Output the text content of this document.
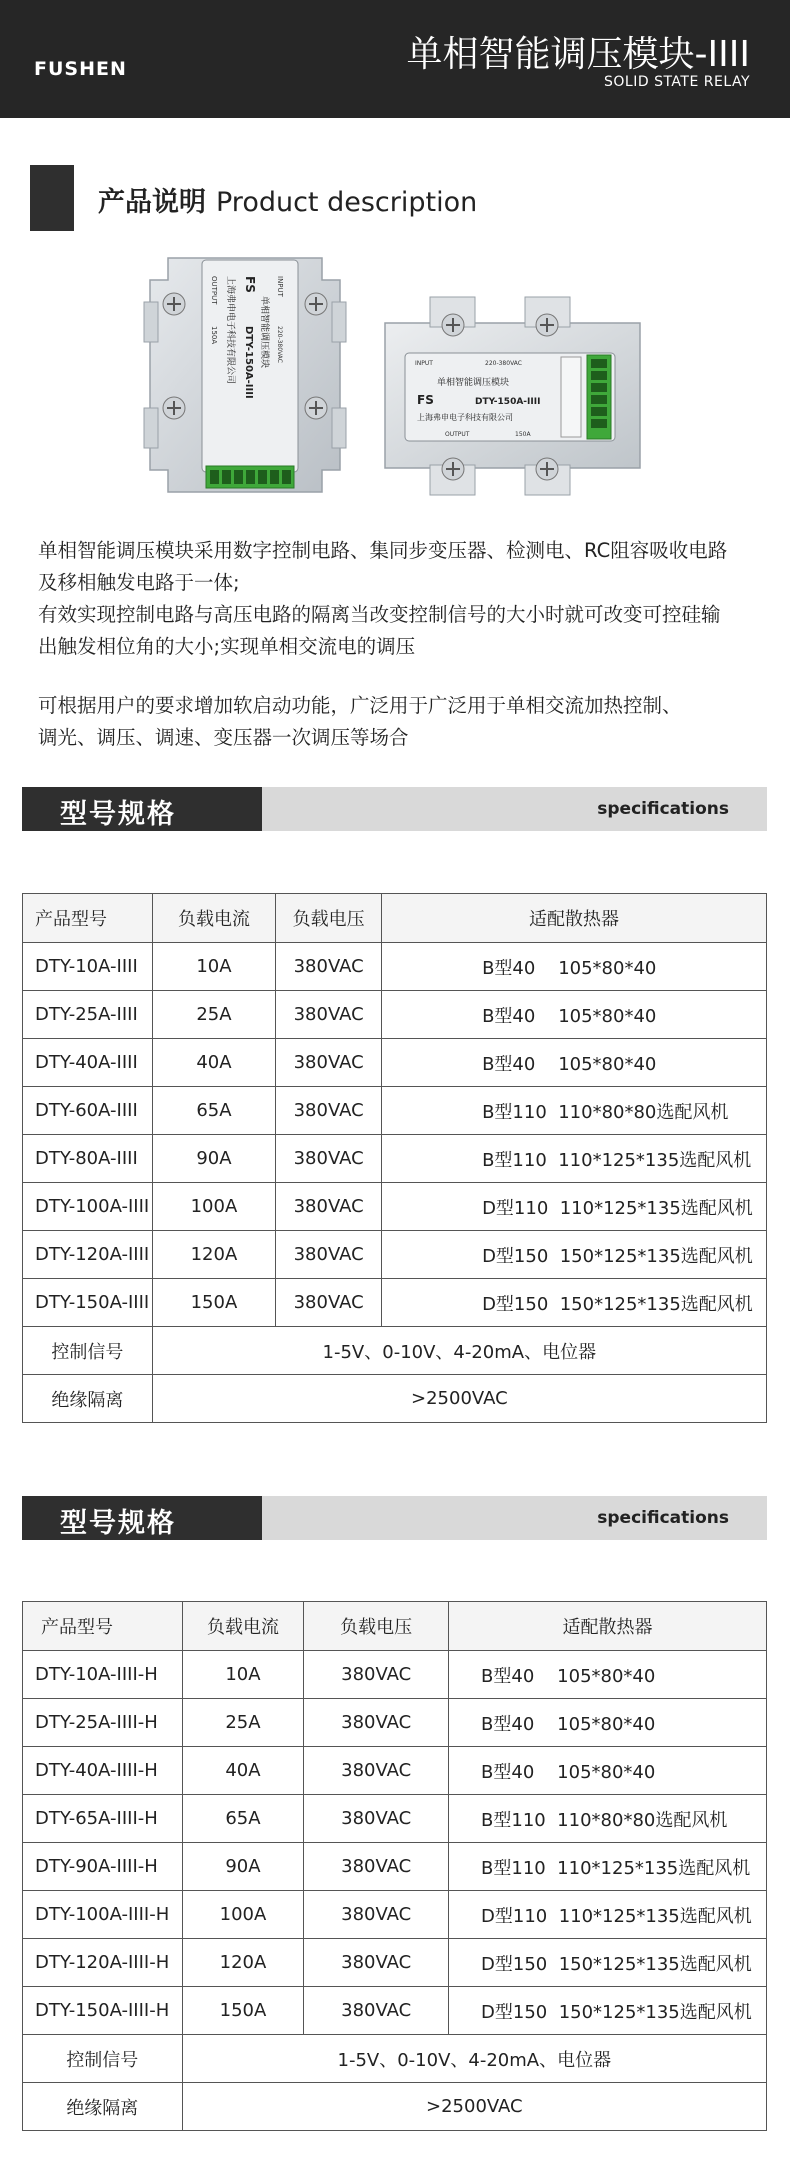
FUSHEN	单相智能调压模块-IIII
SOLID STATE RELAY
产品说明 Product description
INPUT
220-380VAC
单相智能调压模块
FS
DTY-150A-IIII
上海弗申电子科技有限公司
OUTPUT
150A
INPUT	220-380VAC
单相智能调压模块
FS	DTY-150A-IIII
上海弗申电子科技有限公司
OUTPUT	150A
单相智能调压模块采用数字控制电路、集同步变压器、检测电、RC阻容吸收电路
及移相触发电路于一体;
有效实现控制电路与高压电路的隔离当改变控制信号的大小时就可改变可控硅输
出触发相位角的大小;实现单相交流电的调压
可根据用户的要求增加软启动功能，广泛用于广泛用于单相交流加热控制、
调光、调压、调速、变压器一次调压等场合
型号规格	specifications
产品型号	负载电流	负载电压	适配散热器
DTY-10A-IIII	10A	380VAC	B型40    105*80*40
DTY-25A-IIII	25A	380VAC	B型40    105*80*40
DTY-40A-IIII	40A	380VAC	B型40    105*80*40
DTY-60A-IIII	65A	380VAC	B型110  110*80*80选配风机
DTY-80A-IIII	90A	380VAC	B型110  110*125*135选配风机
DTY-100A-IIII	100A	380VAC	D型110  110*125*135选配风机
DTY-120A-IIII	120A	380VAC	D型150  150*125*135选配风机
DTY-150A-IIII	150A	380VAC	D型150  150*125*135选配风机
控制信号	1-5V、0-10V、4-20mA、电位器		
绝缘隔离	>2500VAC		
型号规格	specifications
产品型号	负载电流	负载电压	适配散热器
DTY-10A-IIII-H	10A	380VAC	B型40    105*80*40
DTY-25A-IIII-H	25A	380VAC	B型40    105*80*40
DTY-40A-IIII-H	40A	380VAC	B型40    105*80*40
DTY-65A-IIII-H	65A	380VAC	B型110  110*80*80选配风机
DTY-90A-IIII-H	90A	380VAC	B型110  110*125*135选配风机
DTY-100A-IIII-H	100A	380VAC	D型110  110*125*135选配风机
DTY-120A-IIII-H	120A	380VAC	D型150  150*125*135选配风机
DTY-150A-IIII-H	150A	380VAC	D型150  150*125*135选配风机
控制信号	1-5V、0-10V、4-20mA、电位器		
绝缘隔离	>2500VAC		
